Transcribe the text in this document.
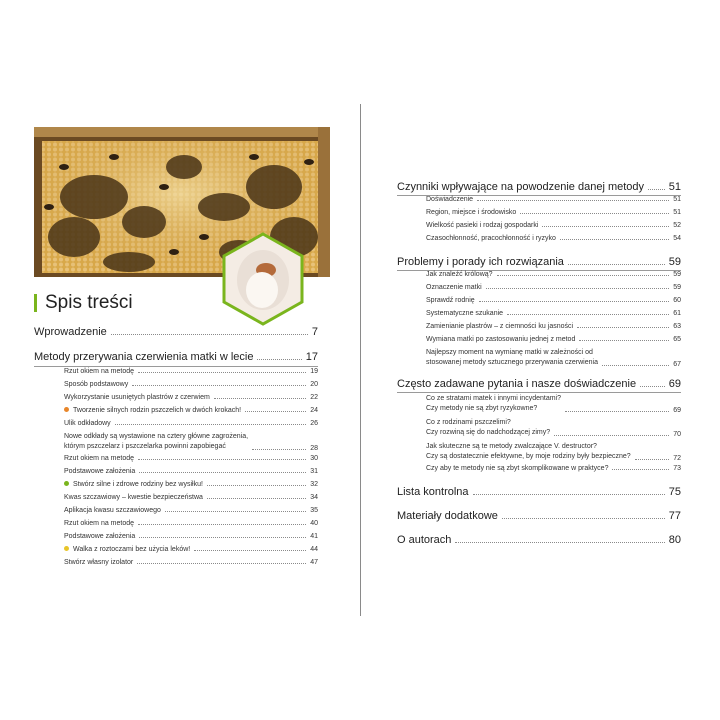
Spis treści
Wprowadzenie	7
Metody przerywania czerwienia matki w lecie	17
Rzut okiem na metodę	19
Sposób podstawowy	20
Wykorzystanie usuniętych plastrów z czerwiem	22
Tworzenie silnych rodzin pszczelich w dwóch krokach!	24
Ulik odkładowy	26
Nowe odkłady są wystawione na cztery główne zagrożenia,
którym pszczelarz i pszczelarka powinni zapobiegać	28
Rzut okiem na metodę	30
Podstawowe założenia	31
Stwórz silne i zdrowe rodziny bez wysiłku!	32
Kwas szczawiowy – kwestie bezpieczeństwa	34
Aplikacja kwasu szczawiowego	35
Rzut okiem na metodę	40
Podstawowe założenia	41
Walka z roztoczami bez użycia leków!	44
Stwórz własny izolator	47
Czynniki wpływające na powodzenie danej metody 51
Doświadczenie	51
Region, miejsce i środowisko	51
Wielkość pasieki i rodzaj gospodarki	52
Czasochłonność, pracochłonność i ryzyko	54
Problemy i porady ich rozwiązania	59
Jak znaleźć królową?	59
Oznaczenie matki	59
Sprawdź rodnię	60
Systematyczne szukanie	61
Zamienianie plastrów – z ciemności ku jasności	63
Wymiana matki po zastosowaniu jednej z metod	65
Najlepszy moment na wymianę matki w zależności od
stosowanej metody sztucznego przerywania czerwienia	67
Często zadawane pytania i nasze doświadczenie	69
Co ze stratami matek i innymi incydentami?
Czy metody nie są zbyt ryzykowne?	69
Co z rodzinami pszczelimi?
Czy rozwiną się do nadchodzącej zimy?	70
Jak skuteczne są te metody zwalczające V. destructor?
Czy są dostatecznie efektywne, by moje rodziny były bezpieczne?	72
Czy aby te metody nie są zbyt skomplikowane w praktyce?	73
Lista kontrolna	75
Materiały dodatkowe	77
O autorach	80
